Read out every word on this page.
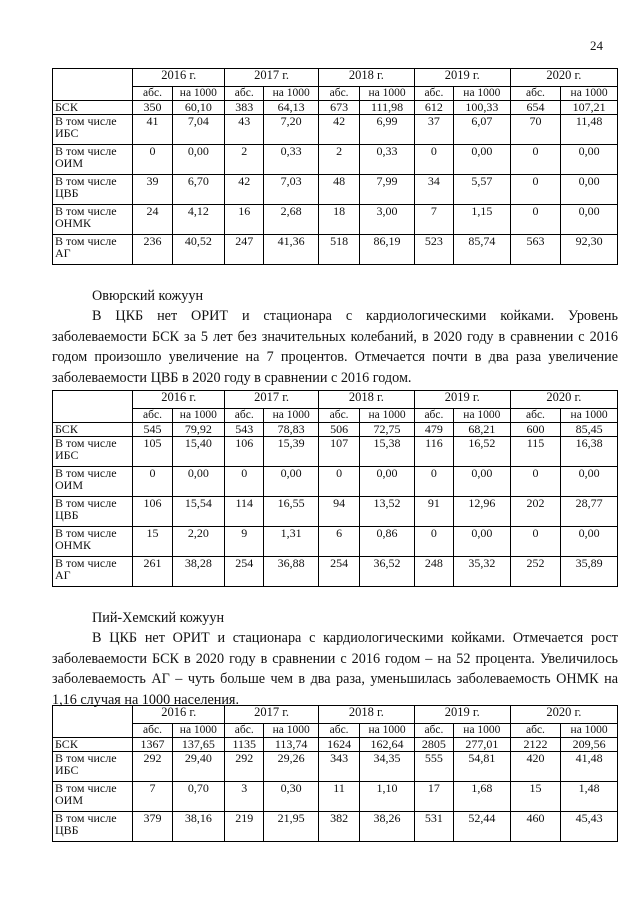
24
	2016 г.		2017 г.		2018 г.		2019 г.		2020 г.	
	абс.	на 1000	абс.	на 1000	абс.	на 1000	абс.	на 1000	абс.	на 1000
БСК	350	60,10	383	64,13	673	111,98	612	100,33	654	107,21
В том числе ИБС	41	7,04	43	7,20	42	6,99	37	6,07	70	11,48
В том числе ОИМ	0	0,00	2	0,33	2	0,33	0	0,00	0	0,00
В том числе ЦВБ	39	6,70	42	7,03	48	7,99	34	5,57	0	0,00
В том числе ОНМК	24	4,12	16	2,68	18	3,00	7	1,15	0	0,00
В том числе АГ	236	40,52	247	41,36	518	86,19	523	85,74	563	92,30
Овюрский кожуун

В ЦКБ нет ОРИТ и стационара с кардиологическими койками. Уровень заболеваемости БСК за 5 лет без значительных колебаний, в 2020 году в сравнении с 2016 годом произошло увеличение на 7 процентов. Отмечается почти в два раза увеличение заболеваемости ЦВБ в 2020 году в сравнении с 2016 годом.

	2016 г.		2017 г.		2018 г.		2019 г.		2020 г.	
	абс.	на 1000	абс.	на 1000	абс.	на 1000	абс.	на 1000	абс.	на 1000
БСК	545	79,92	543	78,83	506	72,75	479	68,21	600	85,45
В том числе ИБС	105	15,40	106	15,39	107	15,38	116	16,52	115	16,38
В том числе ОИМ	0	0,00	0	0,00	0	0,00	0	0,00	0	0,00
В том числе ЦВБ	106	15,54	114	16,55	94	13,52	91	12,96	202	28,77
В том числе ОНМК	15	2,20	9	1,31	6	0,86	0	0,00	0	0,00
В том числе АГ	261	38,28	254	36,88	254	36,52	248	35,32	252	35,89
Пий-Хемский кожуун

В ЦКБ нет ОРИТ и стационара с кардиологическими койками. Отмечается рост заболеваемости БСК в 2020 году в сравнении с 2016 годом – на 52 процента. Увеличилось заболеваемость АГ – чуть больше чем в два раза, уменьшилась заболеваемость ОНМК на 1,16 случая на 1000 населения.

	2016 г.		2017 г.		2018 г.		2019 г.		2020 г.	
	абс.	на 1000	абс.	на 1000	абс.	на 1000	абс.	на 1000	абс.	на 1000
БСК	1367	137,65	1135	113,74	1624	162,64	2805	277,01	2122	209,56
В том числе ИБС	292	29,40	292	29,26	343	34,35	555	54,81	420	41,48
В том числе ОИМ	7	0,70	3	0,30	11	1,10	17	1,68	15	1,48
В том числе ЦВБ	379	38,16	219	21,95	382	38,26	531	52,44	460	45,43
